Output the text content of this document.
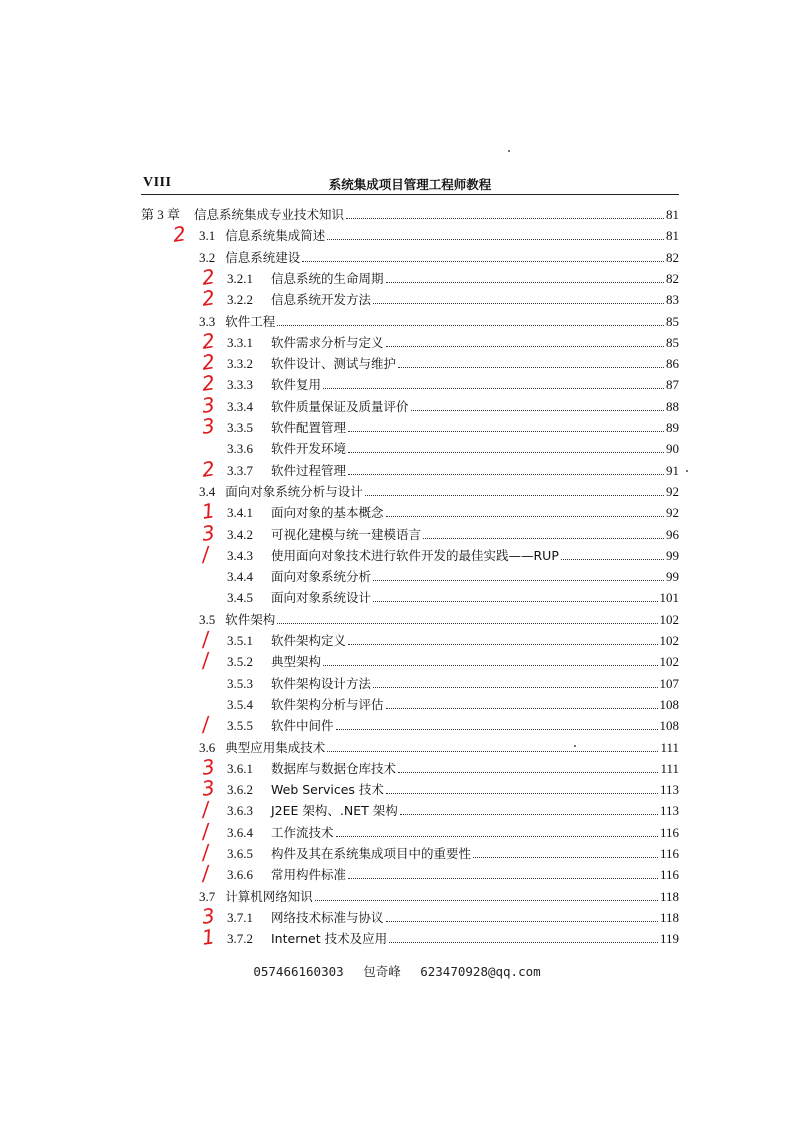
VIII	系统集成项目管理工程师教程
第 3 章 信息系统集成专业技术知识	81
3.1 信息系统集成简述	81
2
3.2 信息系统建设	82
3.2.1	信息系统的生命周期	82
2
3.2.2	信息系统开发方法	83
2
3.3 软件工程	85
3.3.1	软件需求分析与定义	85
2
3.3.2	软件设计、测试与维护	86
2
3.3.3	软件复用	87
2
3.3.4	软件质量保证及质量评价	88
3
3.3.5	软件配置管理	89
3
3.3.6	软件开发环境	90
3.3.7	软件过程管理	91
2
3.4 面向对象系统分析与设计	92
3.4.1	面向对象的基本概念	92
1
3.4.2	可视化建模与统一建模语言	96
3
3.4.3	使用面向对象技术进行软件开发的最佳实践——RUP	99
/
3.4.4	面向对象系统分析	99
3.4.5	面向对象系统设计	101
3.5 软件架构	102
3.5.1	软件架构定义	102
/
3.5.2	典型架构	102
/
3.5.3	软件架构设计方法	107
3.5.4	软件架构分析与评估	108
3.5.5	软件中间件	108
/
3.6 典型应用集成技术	111
3.6.1	数据库与数据仓库技术	111
3
3.6.2	Web Services 技术	113
3
3.6.3	J2EE 架构、.NET 架构	113
/
3.6.4	工作流技术	116
/
3.6.5	构件及其在系统集成项目中的重要性	116
/
3.6.6	常用构件标准	116
/
3.7 计算机网络知识	118
3.7.1	网络技术标准与协议	118
3
3.7.2	Internet 技术及应用	119
1
057466160303 包奇峰 623470928@qq.com
